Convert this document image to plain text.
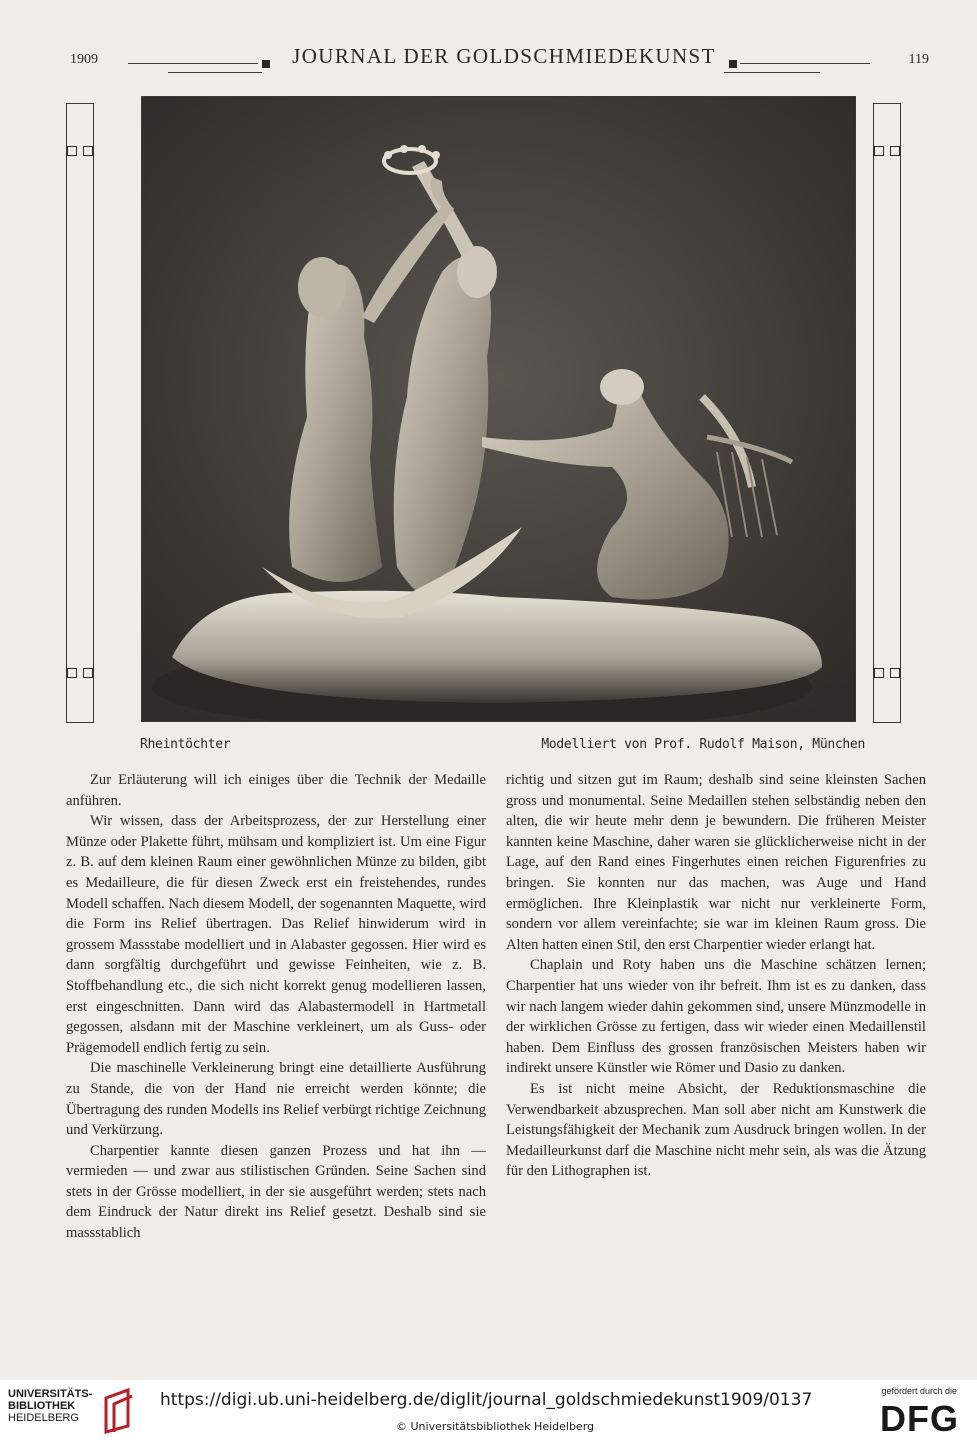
1909	JOURNAL DER GOLDSCHMIEDEKUNST	119
Rheintöchter	Modelliert von Prof. Rudolf Maison, München

Zur Erläuterung will ich einiges über die Technik der Medaille anführen.

Wir wissen, dass der Arbeitsprozess, der zur Herstellung einer Münze oder Plakette führt, mühsam und kompliziert ist. Um eine Figur z. B. auf dem kleinen Raum einer gewöhnlichen Münze zu bilden, gibt es Medailleure, die für diesen Zweck erst ein freistehendes, rundes Modell schaffen. Nach diesem Modell, der sogenannten Maquette, wird die Form ins Relief übertragen. Das Relief hinwiderum wird in grossem Massstabe modelliert und in Alabaster gegossen. Hier wird es dann sorgfältig durchgeführt und gewisse Feinheiten, wie z. B. Stoffbehandlung etc., die sich nicht korrekt genug modellieren lassen, erst eingeschnitten. Dann wird das Alabastermodell in Hartmetall gegossen, alsdann mit der Maschine verkleinert, um als Guss- oder Prägemodell endlich fertig zu sein.

Die maschinelle Verkleinerung bringt eine detaillierte Ausführung zu Stande, die von der Hand nie erreicht werden könnte; die Übertragung des runden Modells ins Relief verbürgt richtige Zeichnung und Verkürzung.

Charpentier kannte diesen ganzen Prozess und hat ihn — vermieden — und zwar aus stilistischen Gründen. Seine Sachen sind stets in der Grösse modelliert, in der sie ausgeführt werden; stets nach dem Eindruck der Natur direkt ins Relief gesetzt. Deshalb sind sie massstablich

richtig und sitzen gut im Raum; deshalb sind seine kleinsten Sachen gross und monumental. Seine Medaillen stehen selbständig neben den alten, die wir heute mehr denn je bewundern. Die früheren Meister kannten keine Maschine, daher waren sie glücklicherweise nicht in der Lage, auf den Rand eines Fingerhutes einen reichen Figurenfries zu bringen. Sie konnten nur das machen, was Auge und Hand ermöglichen. Ihre Kleinplastik war nicht nur verkleinerte Form, sondern vor allem vereinfachte; sie war im kleinen Raum gross. Die Alten hatten einen Stil, den erst Charpentier wieder erlangt hat.

Chaplain und Roty haben uns die Maschine schätzen lernen; Charpentier hat uns wieder von ihr befreit. Ihm ist es zu danken, dass wir nach langem wieder dahin gekommen sind, unsere Münzmodelle in der wirklichen Grösse zu fertigen, dass wir wieder einen Medaillenstil haben. Dem Einfluss des grossen französischen Meisters haben wir indirekt unsere Künstler wie Römer und Dasio zu danken.

Es ist nicht meine Absicht, der Reduktionsmaschine die Verwendbarkeit abzusprechen. Man soll aber nicht am Kunstwerk die Leistungsfähigkeit der Mechanik zum Ausdruck bringen wollen. In der Medailleurkunst darf die Maschine nicht mehr sein, als was die Ätzung für den Lithographen ist.

UNIVERSITÄTS-
BIBLIOTHEK
HEIDELBERG
https://digi.ub.uni-heidelberg.de/diglit/journal_goldschmiedekunst1909/0137
© Universitätsbibliothek Heidelberg
gefördert durch die
DFG
